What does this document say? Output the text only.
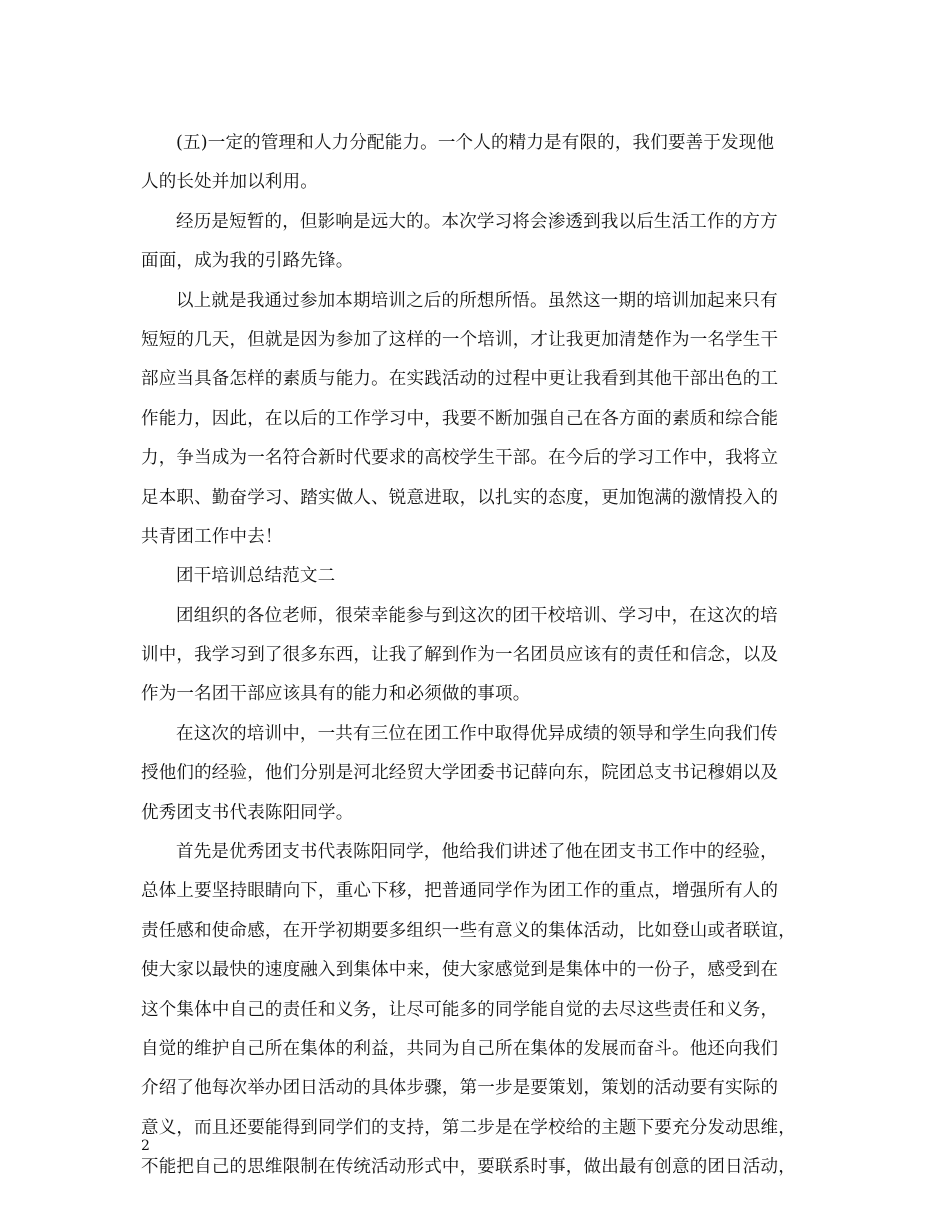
(五)一定的管理和人力分配能力。一个人的精力是有限的，我们要善于发现他
人的长处并加以利用。
经历是短暂的，但影响是远大的。本次学习将会渗透到我以后生活工作的方方
面面，成为我的引路先锋。
以上就是我通过参加本期培训之后的所想所悟。虽然这一期的培训加起来只有
短短的几天，但就是因为参加了这样的一个培训，才让我更加清楚作为一名学生干
部应当具备怎样的素质与能力。在实践活动的过程中更让我看到其他干部出色的工
作能力，因此，在以后的工作学习中，我要不断加强自己在各方面的素质和综合能
力，争当成为一名符合新时代要求的高校学生干部。在今后的学习工作中，我将立
足本职、勤奋学习、踏实做人、锐意进取，以扎实的态度，更加饱满的激情投入的
共青团工作中去！
团干培训总结范文二
团组织的各位老师，很荣幸能参与到这次的团干校培训、学习中，在这次的培
训中，我学习到了很多东西，让我了解到作为一名团员应该有的责任和信念，以及
作为一名团干部应该具有的能力和必须做的事项。
在这次的培训中，一共有三位在团工作中取得优异成绩的领导和学生向我们传
授他们的经验，他们分别是河北经贸大学团委书记薛向东，院团总支书记穆娟以及
优秀团支书代表陈阳同学。
首先是优秀团支书代表陈阳同学，他给我们讲述了他在团支书工作中的经验，
总体上要坚持眼睛向下，重心下移，把普通同学作为团工作的重点，增强所有人的
责任感和使命感，在开学初期要多组织一些有意义的集体活动，比如登山或者联谊，
使大家以最快的速度融入到集体中来，使大家感觉到是集体中的一份子，感受到在
这个集体中自己的责任和义务，让尽可能多的同学能自觉的去尽这些责任和义务，
自觉的维护自己所在集体的利益，共同为自己所在集体的发展而奋斗。他还向我们
介绍了他每次举办团日活动的具体步骤，第一步是要策划，策划的活动要有实际的
意义，而且还要能得到同学们的支持，第二步是在学校给的主题下要充分发动思维，
不能把自己的思维限制在传统活动形式中，要联系时事，做出最有创意的团日活动，
2
